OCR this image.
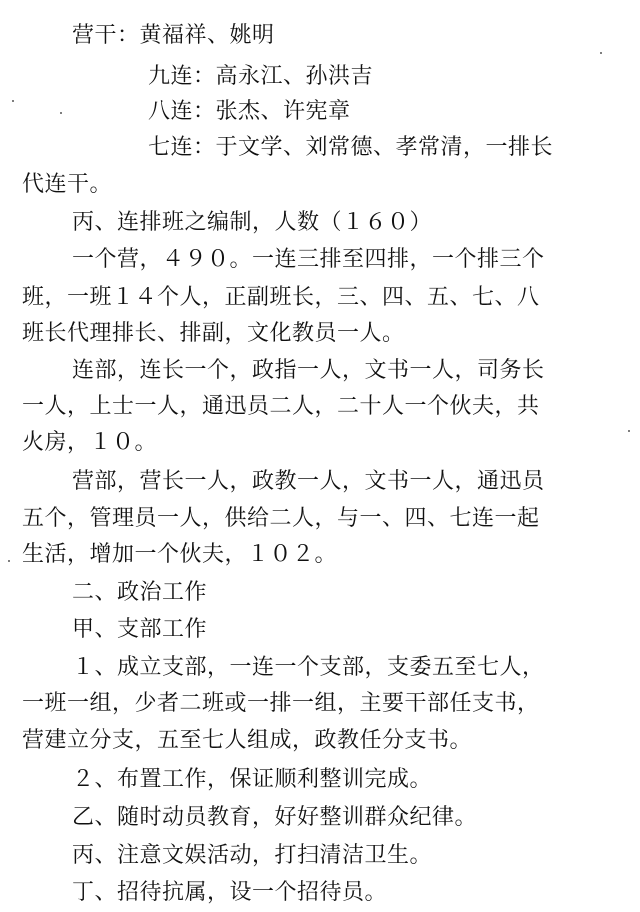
营干：黄福祥、姚明
九连：高永江、孙洪吉
八连：张杰、许宪章
七连：于文学、刘常德、孝常清，一排长
代连干。
丙、连排班之编制，人数（１６０）
一个营，４９０。一连三排至四排，一个排三个
班，一班１４个人，正副班长，三、四、五、七、八
班长代理排长、排副，文化教员一人。
连部，连长一个，政指一人，文书一人，司务长
一人，上士一人，通迅员二人，二十人一个伙夫，共
火房，１０。
营部，营长一人，政教一人，文书一人，通迅员
五个，管理员一人，供给二人，与一、四、七连一起
生活，增加一个伙夫，１０２。
二、政治工作
甲、支部工作
１、成立支部，一连一个支部，支委五至七人，
一班一组，少者二班或一排一组，主要干部任支书，
营建立分支，五至七人组成，政教任分支书。
２、布置工作，保证顺利整训完成。
乙、随时动员教育，好好整训群众纪律。
丙、注意文娱活动，打扫清洁卫生。
丁、招待抗属，设一个招待员。
